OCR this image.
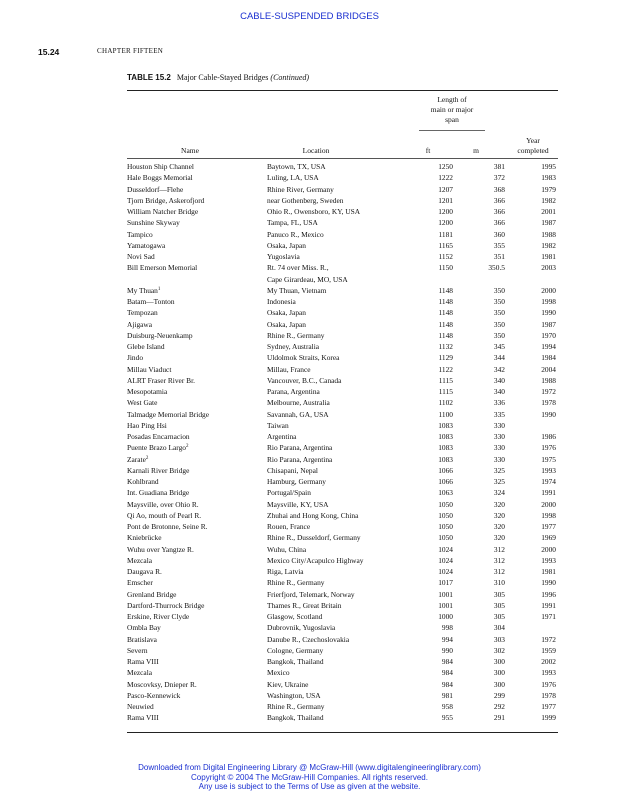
CABLE-SUSPENDED BRIDGES
15.24	CHAPTER FIFTEEN
TABLE 15.2 Major Cable-Stayed Bridges (Continued)
Length of
main or major
span
Name	Location	ft	m
Year
completed
Houston Ship Channel	Baytown, TX, USA	1250	381	1995
Hale Boggs Memorial	Luling, LA, USA	1222	372	1983
Dusseldorf—Flehe	Rhine River, Germany	1207	368	1979
Tjorn Bridge, Askerofjord	near Gothenberg, Sweden	1201	366	1982
William Natcher Bridge	Ohio R., Owensboro, KY, USA	1200	366	2001
Sunshine Skyway	Tampa, FL, USA	1200	366	1987
Tampico	Panuco R., Mexico	1181	360	1988
Yamatogawa	Osaka, Japan	1165	355	1982
Novi Sad	Yugoslavia	1152	351	1981
Bill Emerson Memorial	Rt. 74 over Miss. R.,	1150	350.5	2003
	Cape Girardeau, MO, USA			
My Thuan$^1$	My Thuan, Vietnam	1148	350	2000
Batam—Tonton	Indonesia	1148	350	1998
Tempozan	Osaka, Japan	1148	350	1990
Ajigawa	Osaka, Japan	1148	350	1987
Duisburg-Neuenkamp	Rhine R., Germany	1148	350	1970
Glebe Island	Sydney, Australia	1132	345	1994
Jindo	Uldolmok Straits, Korea	1129	344	1984
Millau Viaduct	Millau, France	1122	342	2004
ALRT Fraser River Br.	Vancouver, B.C., Canada	1115	340	1988
Mesopotamia	Parana, Argentina	1115	340	1972
West Gate	Melbourne, Australia	1102	336	1978
Talmadge Memorial Bridge	Savannah, GA, USA	1100	335	1990
Hao Ping Hsi	Taiwan	1083	330	
Posadas Encarnacion	Argentina	1083	330	1986
Puente Brazo Largo$^2$	Rio Parana, Argentina	1083	330	1976
Zarate$^2$	Rio Parana, Argentina	1083	330	1975
Karnali River Bridge	Chisapani, Nepal	1066	325	1993
Kohlbrand	Hamburg, Germany	1066	325	1974
Int. Guadiana Bridge	Portugal/Spain	1063	324	1991
Maysville, over Ohio R.	Maysville, KY, USA	1050	320	2000
Qi Ao, mouth of Pearl R.	Zhuhai and Hong Kong, China	1050	320	1998
Pont de Brotonne, Seine R.	Rouen, France	1050	320	1977
Kniebrücke	Rhine R., Dusseldorf, Germany	1050	320	1969
Wuhu over Yangtze R.	Wuhu, China	1024	312	2000
Mezcala	Mexico City/Acapulco Highway	1024	312	1993
Daugava R.	Riga, Latvia	1024	312	1981
Emscher	Rhine R., Germany	1017	310	1990
Grenland Bridge	Frierfjord, Telemark, Norway	1001	305	1996
Dartford-Thurrock Bridge	Thames R., Great Britain	1001	305	1991
Erskine, River Clyde	Glasgow, Scotland	1000	305	1971
Ombla Bay	Dubrovnik, Yugoslavia	998	304	
Bratislava	Danube R., Czechoslovakia	994	303	1972
Severn	Cologne, Germany	990	302	1959
Rama VIII	Bangkok, Thailand	984	300	2002
Mezcala	Mexico	984	300	1993
Moscovksy, Dnieper R.	Kiev, Ukraine	984	300	1976
Pasco-Kennewick	Washington, USA	981	299	1978
Neuwied	Rhine R., Germany	958	292	1977
Rama VIII	Bangkok, Thailand	955	291	1999
Downloaded from Digital Engineering Library @ McGraw-Hill (www.digitalengineeringlibrary.com)
Copyright © 2004 The McGraw-Hill Companies. All rights reserved.
Any use is subject to the Terms of Use as given at the website.
